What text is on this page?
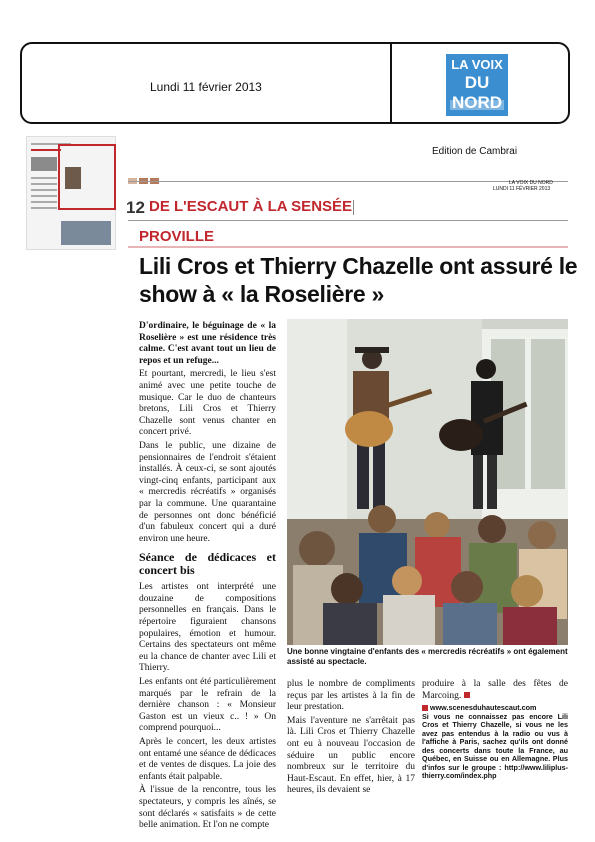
Lundi 11 février 2013
LA VOIX
DU NORD
Edition de Cambrai
LA VOIX DU NORD
LUNDI 11 FÉVRIER 2013
12 DE L'ESCAUT À LA SENSÉE
PROVILLE
Lili Cros et Thierry Chazelle ont assuré le show à « la Roselière »

D'ordinaire, le béguinage de « la Roselière » est une résidence très calme. C'est avant tout un lieu de repos et un refuge...

Et pourtant, mercredi, le lieu s'est animé avec une petite touche de musique. Car le duo de chanteurs bretons, Lili Cros et Thierry Chazelle sont venus chanter en concert privé.

Dans le public, une dizaine de pensionnaires de l'endroit s'étaient installés. À ceux-ci, se sont ajoutés vingt-cinq enfants, participant aux « mercredis récréatifs » organisés par la commune. Une quarantaine de personnes ont donc bénéficié d'un fabuleux concert qui a duré environ une heure.

Séance de dédicaces et concert bis

Les artistes ont interprété une douzaine de compositions personnelles en français. Dans le répertoire figuraient chansons populaires, émotion et humour. Certains des spectateurs ont même eu la chance de chanter avec Lili et Thierry.

Les enfants ont été particulièrement marqués par le refrain de la dernière chanson : « Monsieur Gaston est un vieux c.. ! » On comprend pourquoi...

Après le concert, les deux artistes ont entamé une séance de dédicaces et de ventes de disques. La joie des enfants était palpable.

À l'issue de la rencontre, tous les spectateurs, y compris les aînés, se sont déclarés « satisfaits » de cette belle animation. Et l'on ne compte

Une bonne vingtaine d'enfants des « mercredis récréatifs » ont également assisté au spectacle.

plus le nombre de compliments reçus par les artistes à la fin de leur prestation.

Mais l'aventure ne s'arrêtait pas là. Lili Cros et Thierry Chazelle ont eu à nouveau l'occasion de séduire un public encore nombreux sur le territoire du Haut-Escaut. En effet, hier, à 17 heures, ils devaient se

produire à la salle des fêtes de Marcoing.

www.scenesduhautescaut.com
Si vous ne connaissez pas encore Lili Cros et Thierry Chazelle, si vous ne les avez pas entendus à la radio ou vus à l'affiche à Paris, sachez qu'ils ont donné des concerts dans toute la France, au Québec, en Suisse ou en Allemagne. Plus d'infos sur le groupe : http://www.liliplus-thierry.com/index.php
